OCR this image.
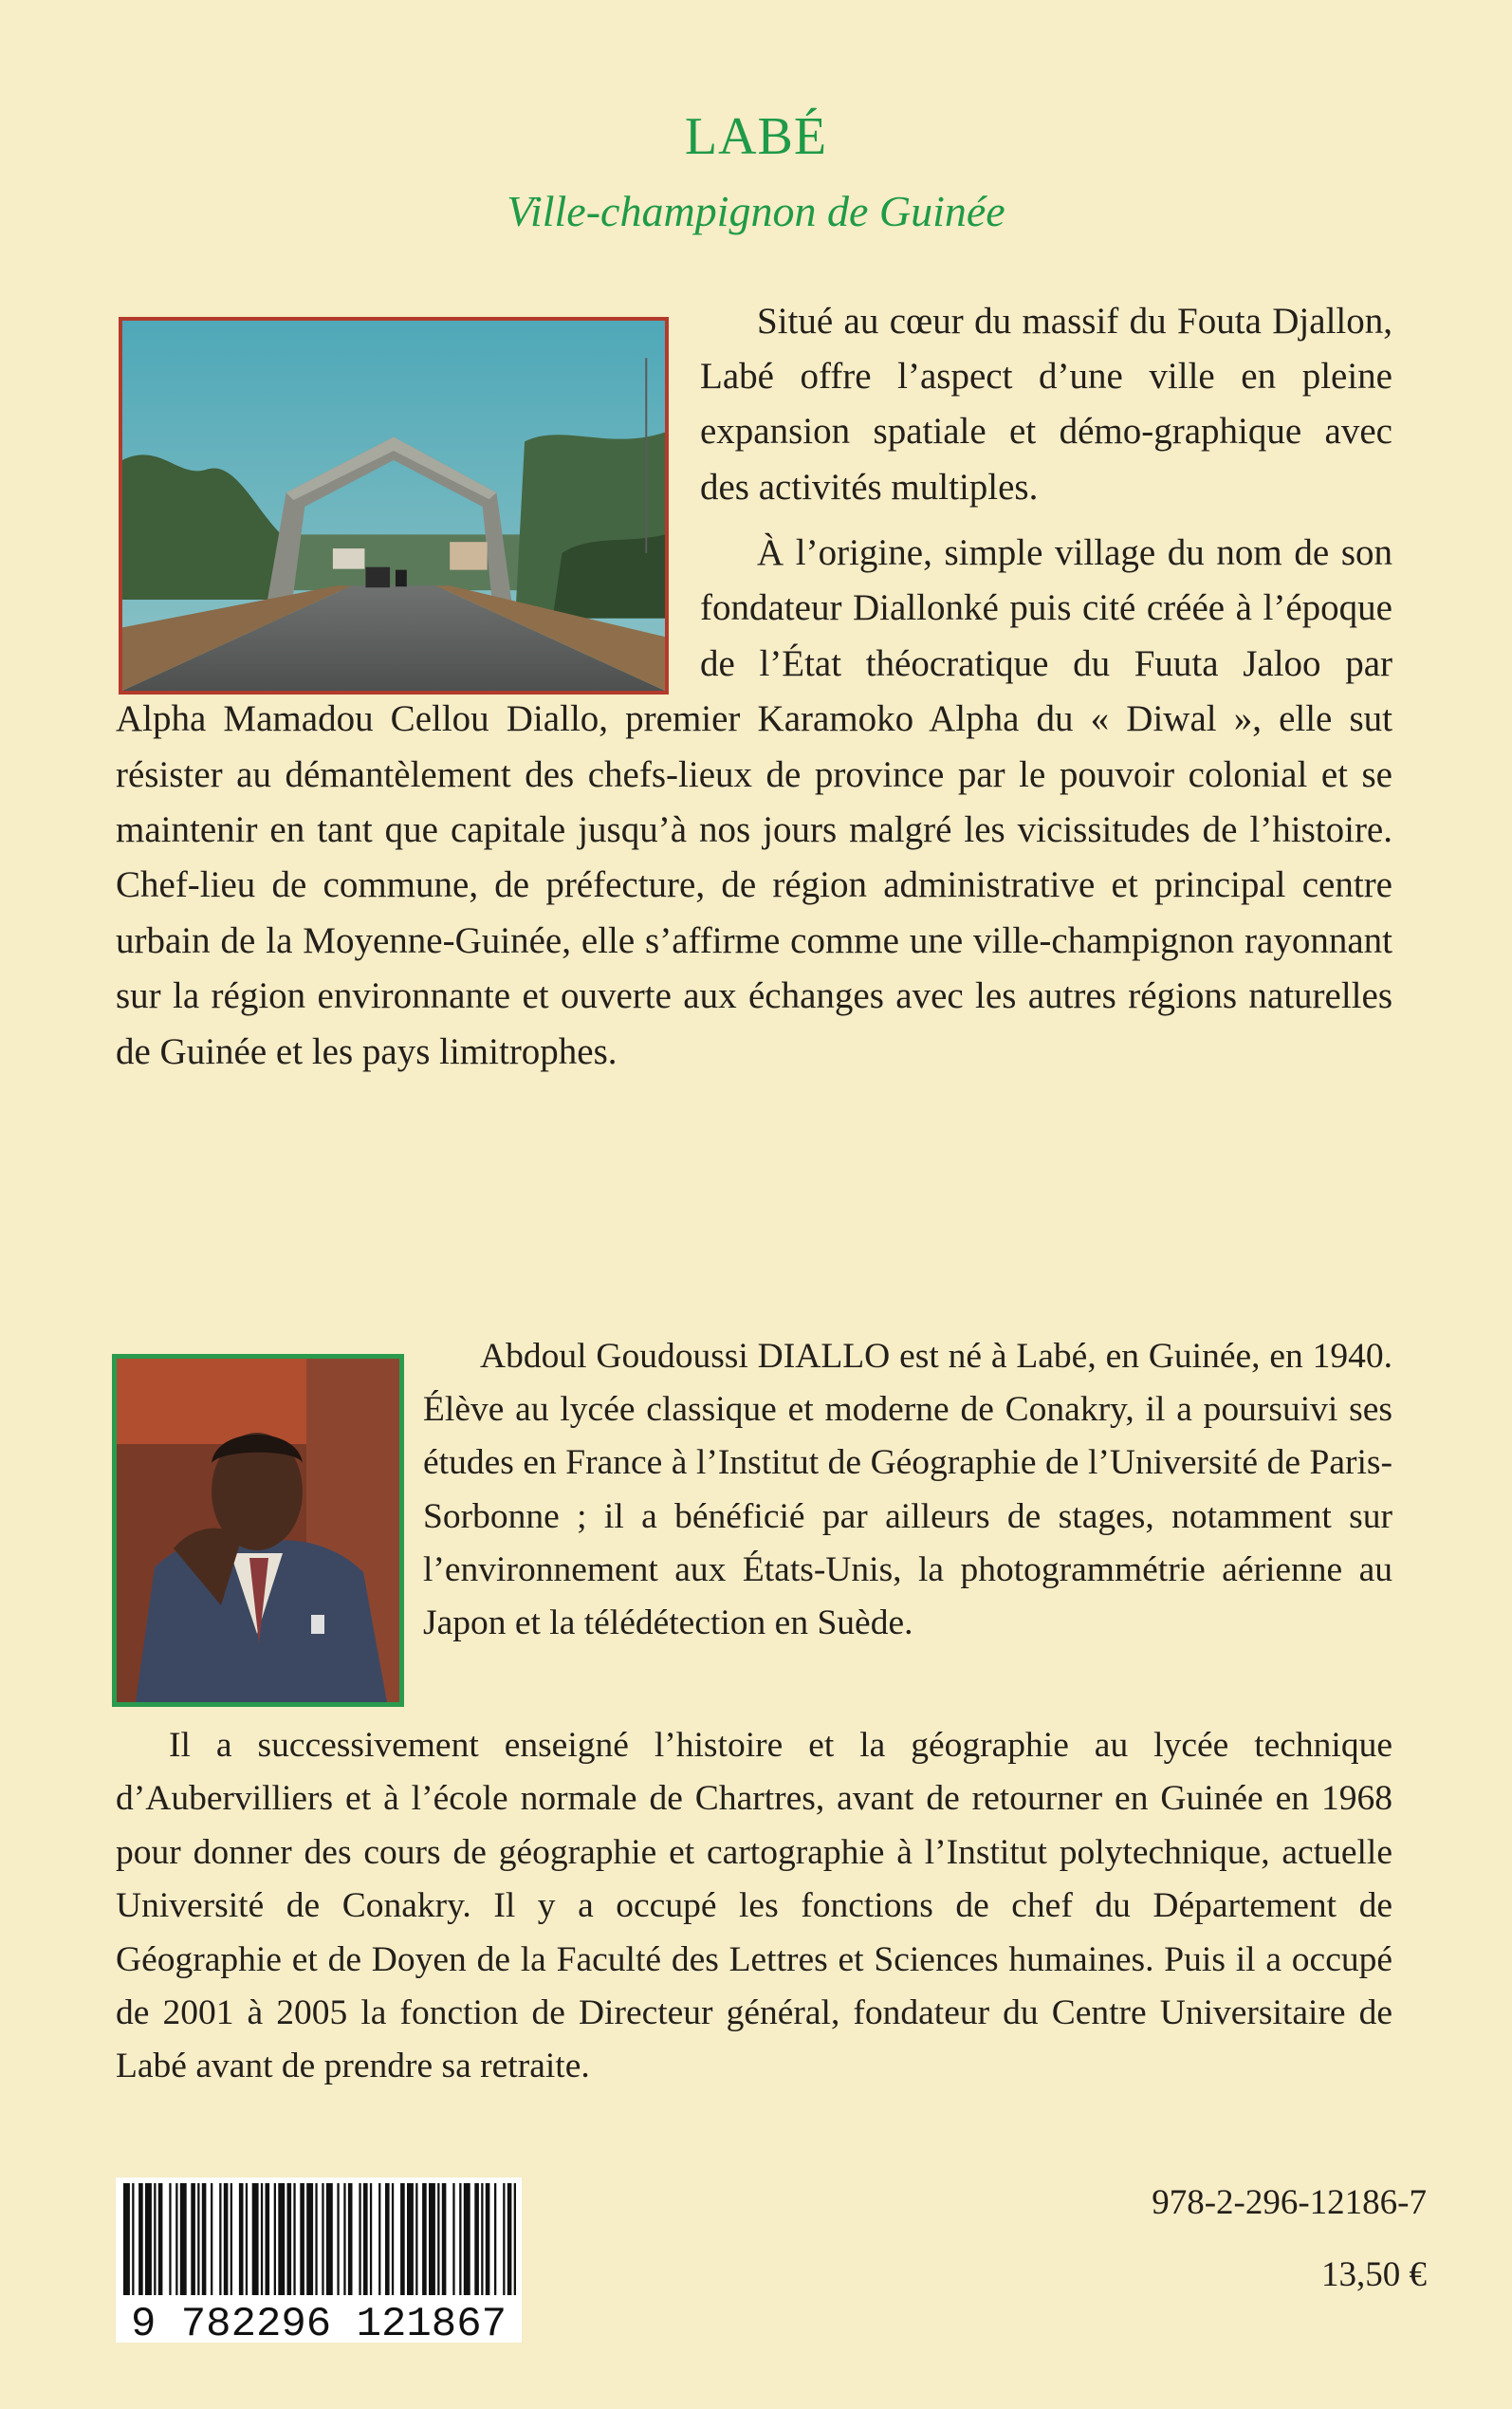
LABÉ

Ville-champignon de Guinée

Situé au cœur du massif du Fouta Djallon, Labé offre l’aspect d’une ville en pleine expansion spatiale et démo-graphique avec des activités multiples.

À l’origine, simple village du nom de son fondateur Diallonké puis cité créée à l’époque de l’État théocratique du Fuuta Jaloo par Alpha Mamadou Cellou Diallo, premier Karamoko Alpha du « Diwal », elle sut résister au démantèlement des chefs-lieux de province par le pouvoir colonial et se maintenir en tant que capitale jusqu’à nos jours malgré les vicissitudes de l’histoire. Chef-lieu de commune, de préfecture, de région administrative et principal centre urbain de la Moyenne-Guinée, elle s’affirme comme une ville-champignon rayonnant sur la région environnante et ouverte aux échanges avec les autres régions naturelles de Guinée et les pays limitrophes.
Abdoul Goudoussi DIALLO est né à Labé, en Guinée, en 1940. Élève au lycée classique et moderne de Conakry, il a poursuivi ses études en France à l’Institut de Géographie de l’Université de Paris-Sorbonne ; il a bénéficié par ailleurs de stages, notamment sur l’environnement aux États-Unis, la photogrammétrie aérienne au Japon et la télédétection en Suède.

Il a successivement enseigné l’histoire et la géographie au lycée technique d’Aubervilliers et à l’école normale de Chartres, avant de retourner en Guinée en 1968 pour donner des cours de géographie et cartographie à l’Institut polytechnique, actuelle Université de Conakry. Il y a occupé les fonctions de chef du Département de Géographie et de Doyen de la Faculté des Lettres et Sciences humaines. Puis il a occupé de 2001 à 2005 la fonction de Directeur général, fondateur du Centre Universitaire de Labé avant de prendre sa retraite.

9 782296 121867

978-2-296-12186-7

13,50 €
